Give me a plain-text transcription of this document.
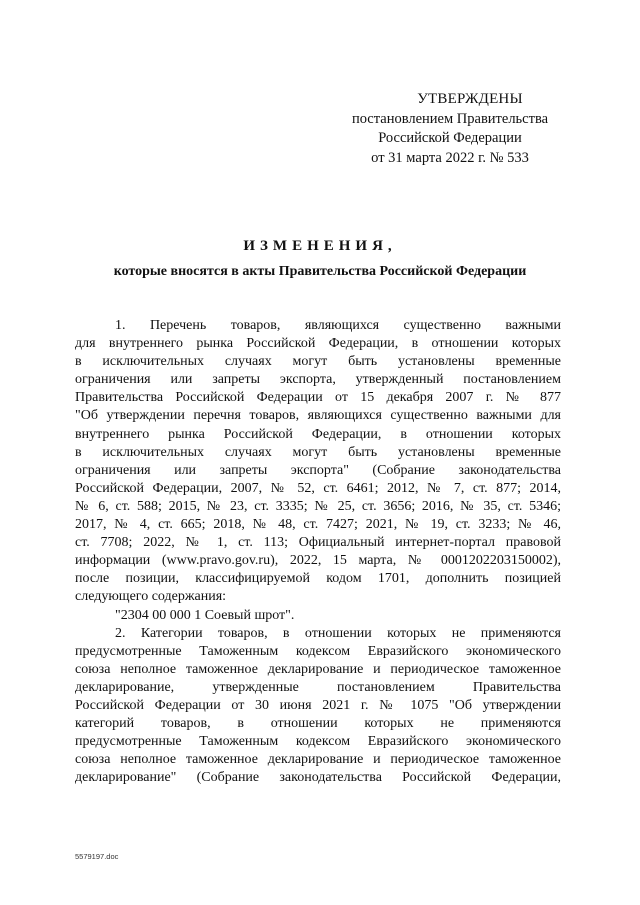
УТВЕРЖДЕНЫ
постановлением Правительства
Российской Федерации
от 31 марта 2022 г. № 533
ИЗМЕНЕНИЯ,
которые вносятся в акты Правительства Российской Федерации
1. Перечень товаров, являющихся существенно важными
для внутреннего рынка Российской Федерации, в отношении которых
в исключительных случаях могут быть установлены временные
ограничения или запреты экспорта, утвержденный постановлением
Правительства Российской Федерации от 15 декабря 2007 г. № 877
"Об утверждении перечня товаров, являющихся существенно важными для
внутреннего рынка Российской Федерации, в отношении которых
в исключительных случаях могут быть установлены временные
ограничения или запреты экспорта" (Собрание законодательства
Российской Федерации, 2007, № 52, ст. 6461; 2012, № 7, ст. 877; 2014,
№ 6, ст. 588; 2015, № 23, ст. 3335; № 25, ст. 3656; 2016, № 35, ст. 5346;
2017, № 4, ст. 665; 2018, № 48, ст. 7427; 2021, № 19, ст. 3233; № 46,
ст. 7708; 2022, № 1, ст. 113; Официальный интернет-портал правовой
информации (www.pravo.gov.ru), 2022, 15 марта, № 0001202203150002),
после позиции, классифицируемой кодом 1701, дополнить позицией
следующего содержания:
"2304 00 000 1 Соевый шрот".
2. Категории товаров, в отношении которых не применяются
предусмотренные Таможенным кодексом Евразийского экономического
союза неполное таможенное декларирование и периодическое таможенное
декларирование, утвержденные постановлением Правительства
Российской Федерации от 30 июня 2021 г. № 1075 "Об утверждении
категорий товаров, в отношении которых не применяются
предусмотренные Таможенным кодексом Евразийского экономического
союза неполное таможенное декларирование и периодическое таможенное
декларирование" (Собрание законодательства Российской Федерации,
5579197.doc
